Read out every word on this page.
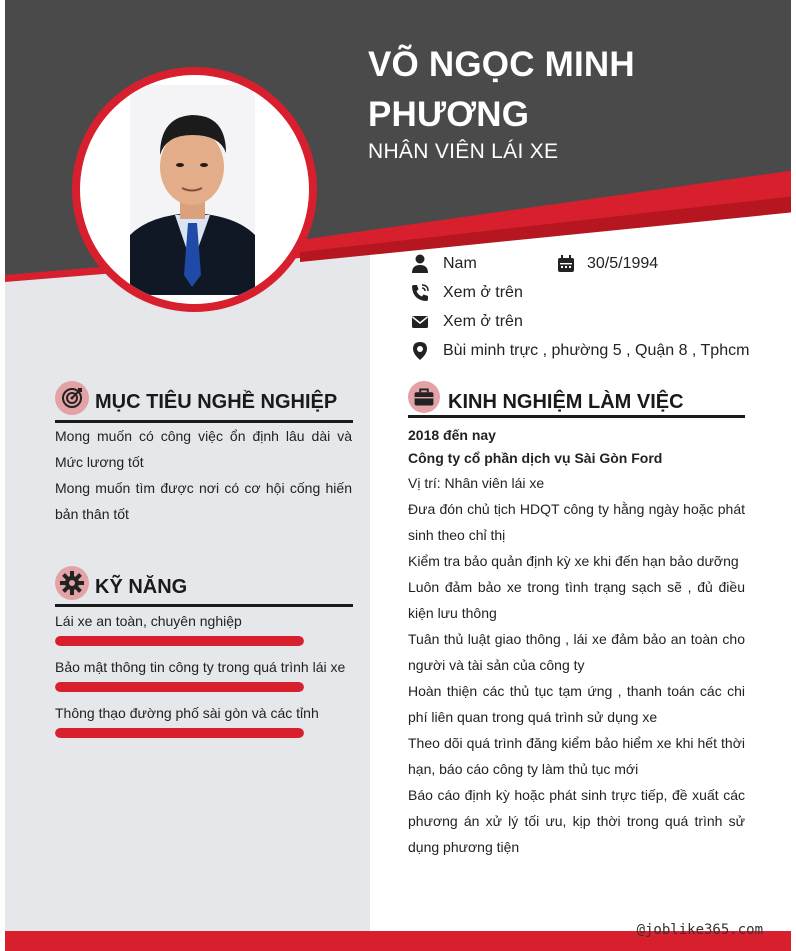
VÕ NGỌC MINH
PHƯƠNG
NHÂN VIÊN LÁI XE
Nam	30/5/1994
Xem ở trên
Xem ở trên
Bùi minh trực , phường 5 , Quận 8 , Tphcm
MỤC TIÊU NGHỀ NGHIỆP
Mong muốn có công việc ổn định lâu dài và Mức lương tốt
Mong muốn tìm được nơi có cơ hội cống hiến bản thân tốt
KỸ NĂNG
Lái xe an toàn, chuyên nghiệp
Bảo mật thông tin công ty trong quá trình lái xe
Thông thạo đường phố sài gòn và các tỉnh
KINH NGHIỆM LÀM VIỆC
2018 đến nay
Công ty cổ phần dịch vụ Sài Gòn Ford
Vị trí: Nhân viên lái xe
Đưa đón chủ tịch HDQT công ty hằng ngày hoặc phát sinh theo chỉ thị
Kiểm tra bảo quản định kỳ xe khi đến hạn bảo dưỡng
Luôn đảm bảo xe trong tình trạng sạch sẽ , đủ điều kiện lưu thông
Tuân thủ luật giao thông , lái xe đảm bảo an toàn cho người và tài sản của công ty
Hoàn thiện các thủ tục tạm ứng , thanh toán các chi phí liên quan trong quá trình sử dụng xe
Theo dõi quá trình đăng kiểm bảo hiểm xe khi hết thời hạn, báo cáo công ty làm thủ tục mới
Báo cáo định kỳ hoặc phát sinh trực tiếp, đề xuất các phương án xử lý tối ưu, kịp thời trong quá trình sử dụng phương tiện
@joblike365.com
